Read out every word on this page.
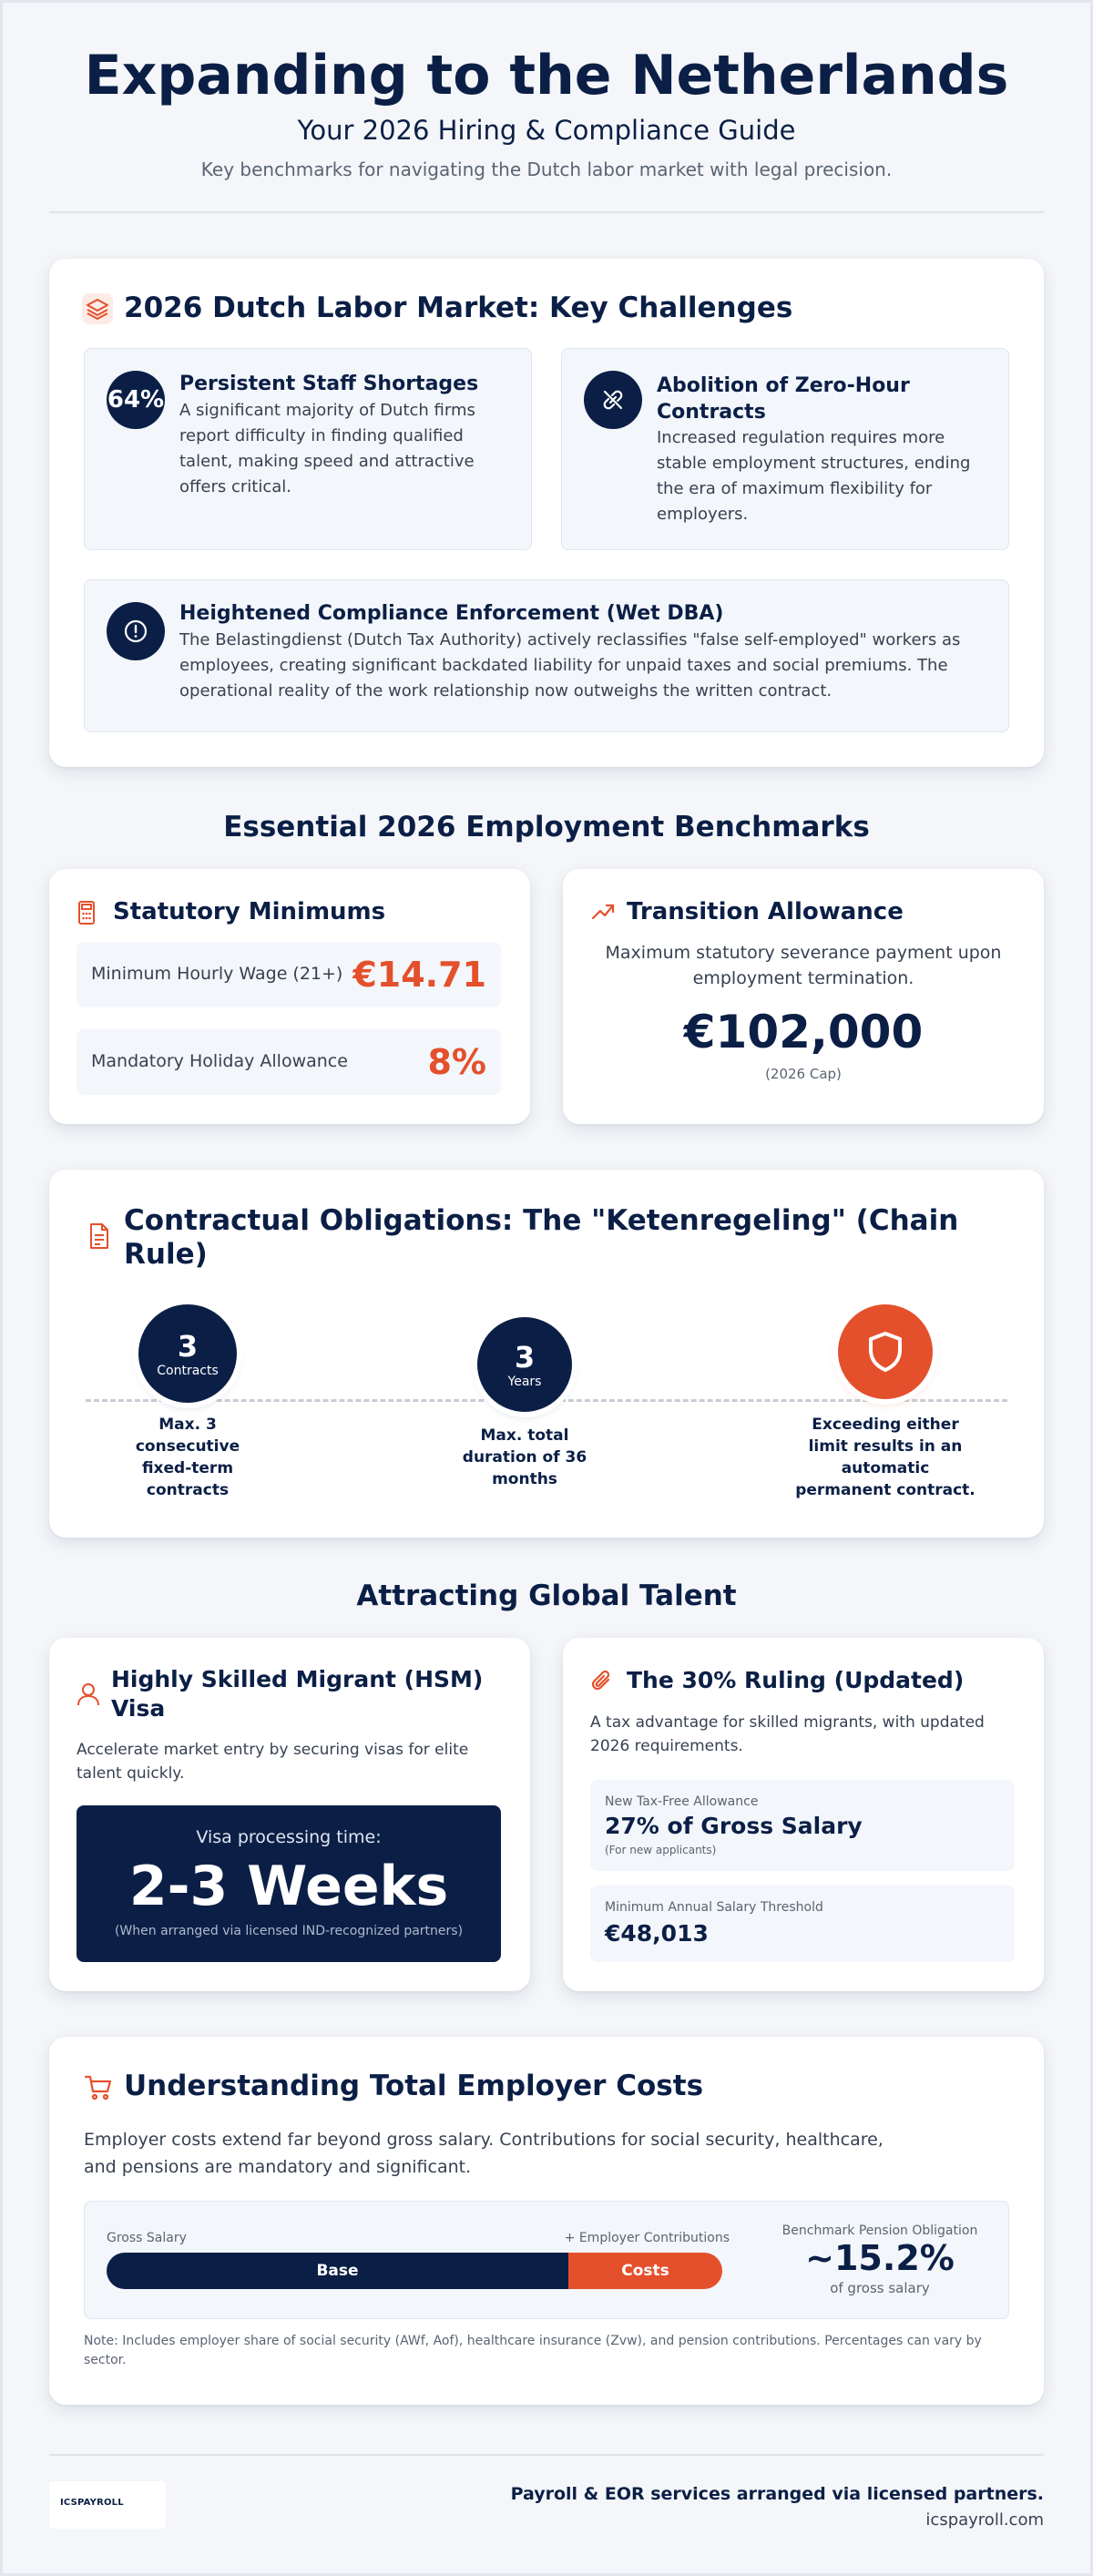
Expanding to the Netherlands
Your 2026 Hiring & Compliance Guide
Key benchmarks for navigating the Dutch labor market with legal precision.
2026 Dutch Labor Market: Key Challenges
64%
Persistent Staff Shortages
A significant majority of Dutch firms report difficulty in finding qualified talent, making speed and attractive offers critical.
Abolition of Zero-Hour Contracts
Increased regulation requires more stable employment structures, ending the era of maximum flexibility for employers.
Heightened Compliance Enforcement (Wet DBA)
The Belastingdienst (Dutch Tax Authority) actively reclassifies "false self-employed" workers as employees, creating significant backdated liability for unpaid taxes and social premiums. The operational reality of the work relationship now outweighs the written contract.
Essential 2026 Employment Benchmarks
Statutory Minimums
Minimum Hourly Wage (21+) €14.71
Mandatory Holiday Allowance 8%
Transition Allowance
Maximum statutory severance payment upon employment termination.
€102,000
(2026 Cap)
Contractual Obligations: The "Ketenregeling" (Chain Rule)
3
Contracts
Max. 3 consecutive fixed-term contracts
3
Years
Max. total duration of 36 months
Exceeding either limit results in an automatic permanent contract.
Attracting Global Talent
Highly Skilled Migrant (HSM) Visa
Accelerate market entry by securing visas for elite talent quickly.
Visa processing time:
2-3 Weeks
(When arranged via licensed IND-recognized partners)
The 30% Ruling (Updated)
A tax advantage for skilled migrants, with updated 2026 requirements.
New Tax-Free Allowance
27% of Gross Salary
(For new applicants)
Minimum Annual Salary Threshold
€48,013
Understanding Total Employer Costs
Employer costs extend far beyond gross salary. Contributions for social security, healthcare, and pensions are mandatory and significant.
Gross Salary	+ Employer Contributions
Base	Costs
Benchmark Pension Obligation
~15.2%
of gross salary
Note: Includes employer share of social security (AWf, Aof), healthcare insurance (Zvw), and pension contributions. Percentages can vary by sector.
ICSPAYROLL	Payroll & EOR services arranged via licensed partners.
icspayroll.com
